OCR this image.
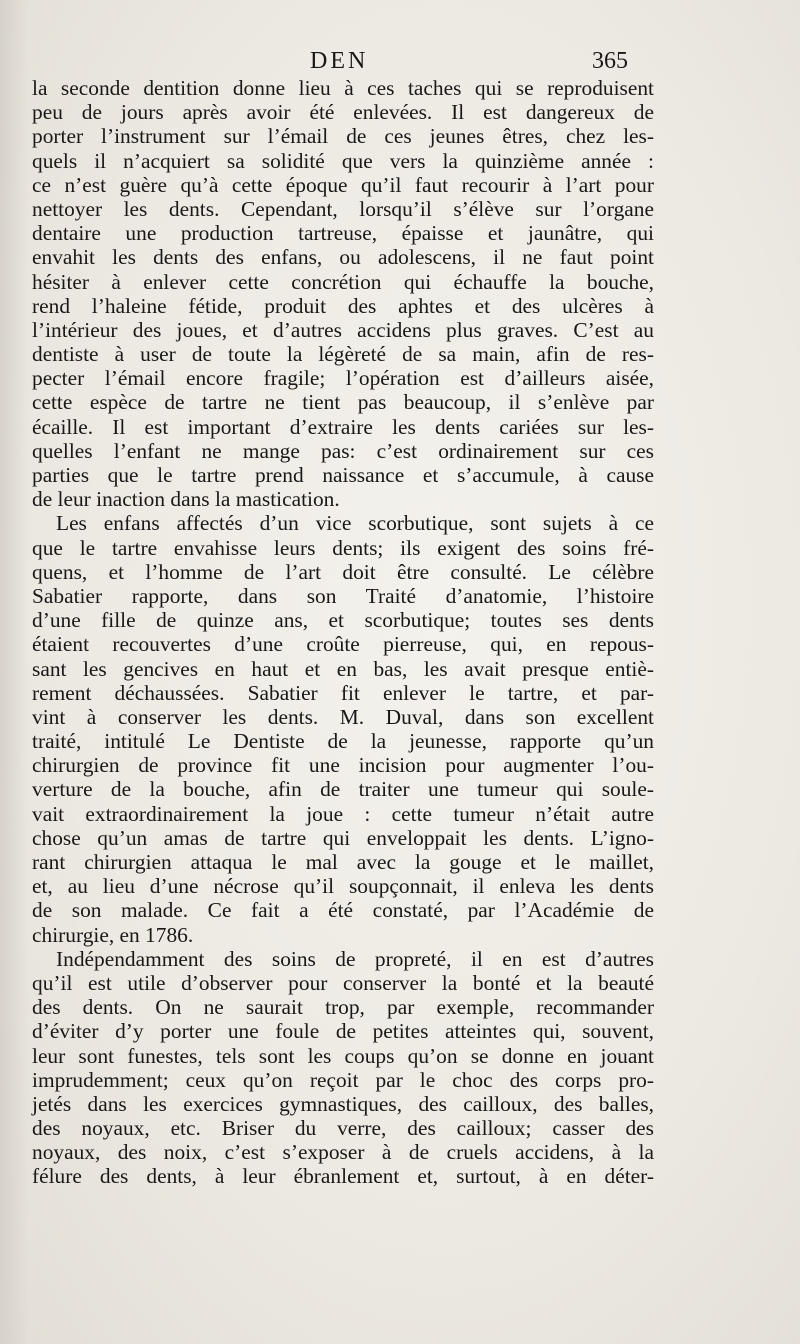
DEN	365
la seconde dentition donne lieu à ces taches qui se reproduisent
peu de jours après avoir été enlevées. Il est dangereux de
porter l’instrument sur l’émail de ces jeunes êtres, chez les-
quels il n’acquiert sa solidité que vers la quinzième année :
ce n’est guère qu’à cette époque qu’il faut recourir à l’art pour
nettoyer les dents. Cependant, lorsqu’il s’élève sur l’organe
dentaire une production tartreuse, épaisse et jaunâtre, qui
envahit les dents des enfans, ou adolescens, il ne faut point
hésiter à enlever cette concrétion qui échauffe la bouche,
rend l’haleine fétide, produit des aphtes et des ulcères à
l’intérieur des joues, et d’autres accidens plus graves. C’est au
dentiste à user de toute la légèreté de sa main, afin de res-
pecter l’émail encore fragile; l’opération est d’ailleurs aisée,
cette espèce de tartre ne tient pas beaucoup, il s’enlève par
écaille. Il est important d’extraire les dents cariées sur les-
quelles l’enfant ne mange pas: c’est ordinairement sur ces
parties que le tartre prend naissance et s’accumule, à cause
de leur inaction dans la mastication.
Les enfans affectés d’un vice scorbutique, sont sujets à ce
que le tartre envahisse leurs dents; ils exigent des soins fré-
quens, et l’homme de l’art doit être consulté. Le célèbre
Sabatier rapporte, dans son Traité d’anatomie, l’histoire
d’une fille de quinze ans, et scorbutique; toutes ses dents
étaient recouvertes d’une croûte pierreuse, qui, en repous-
sant les gencives en haut et en bas, les avait presque entiè-
rement déchaussées. Sabatier fit enlever le tartre, et par-
vint à conserver les dents. M. Duval, dans son excellent
traité, intitulé Le Dentiste de la jeunesse, rapporte qu’un
chirurgien de province fit une incision pour augmenter l’ou-
verture de la bouche, afin de traiter une tumeur qui soule-
vait extraordinairement la joue : cette tumeur n’était autre
chose qu’un amas de tartre qui enveloppait les dents. L’igno-
rant chirurgien attaqua le mal avec la gouge et le maillet,
et, au lieu d’une nécrose qu’il soupçonnait, il enleva les dents
de son malade. Ce fait a été constaté, par l’Académie de
chirurgie, en 1786.
Indépendamment des soins de propreté, il en est d’autres
qu’il est utile d’observer pour conserver la bonté et la beauté
des dents. On ne saurait trop, par exemple, recommander
d’éviter d’y porter une foule de petites atteintes qui, souvent,
leur sont funestes, tels sont les coups qu’on se donne en jouant
imprudemment; ceux qu’on reçoit par le choc des corps pro-
jetés dans les exercices gymnastiques, des cailloux, des balles,
des noyaux, etc. Briser du verre, des cailloux; casser des
noyaux, des noix, c’est s’exposer à de cruels accidens, à la
félure des dents, à leur ébranlement et, surtout, à en déter-
